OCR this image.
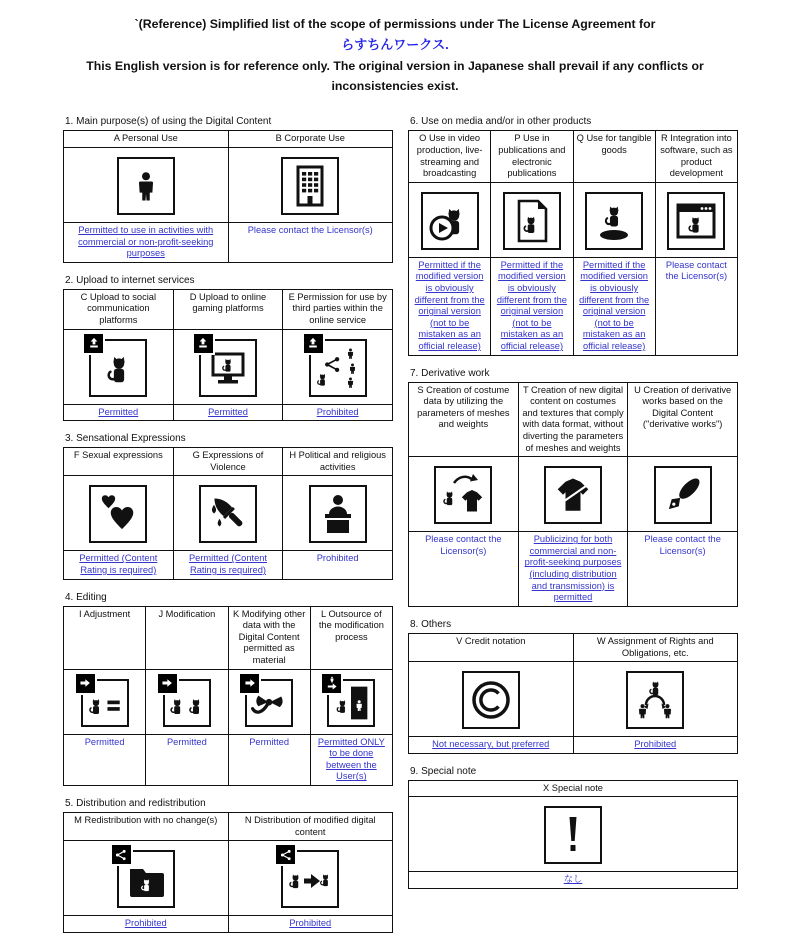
`(Reference) Simplified list of the scope of permissions under The License Agreement for
らすちんワークス.
This English version is for reference only. The original version in Japanese shall prevail if any conflicts or inconsistencies exist.
1. Main purpose(s) of using the Digital Content
A Personal Use	B Corporate Use

Permitted to use in activities with commercial or non-profit-seeking purposes	Please contact the Licensor(s)
2. Upload to internet services
C Upload to social communication platforms	D Upload to online gaming platforms	E Permission for use by third parties within the online service

Permitted	Permitted	Prohibited
3. Sensational Expressions
F Sexual expressions	G Expressions of Violence	H Political and religious activities

Permitted (Content Rating is required)	Permitted (Content Rating is required)	Prohibited
4. Editing
I Adjustment	J Modification	K Modifying other data with the Digital Content permitted as material	L Outsource of the modification process

Permitted	Permitted	Permitted	Permitted ONLY to be done between the User(s)
5. Distribution and redistribution
M Redistribution with no change(s)	N Distribution of modified digital content

Prohibited	Prohibited
6. Use on media and/or in other products
O Use in video production, live-streaming and broadcasting	P Use in publications and electronic publications	Q Use for tangible goods	R Integration into software, such as product development

Permitted if the modified version is obviously different from the original version (not to be mistaken as an official release)	Permitted if the modified version is obviously different from the original version (not to be mistaken as an official release)	Permitted if the modified version is obviously different from the original version (not to be mistaken as an official release)	Please contact the Licensor(s)
7. Derivative work
S Creation of costume data by utilizing the parameters of meshes and weights	T Creation of new digital content on costumes and textures that comply with data format, without diverting the parameters of meshes and weights	U Creation of derivative works based on the Digital Content ("derivative works")

Please contact the Licensor(s)	Publicizing for both commercial and non-profit-seeking purposes (including distribution and transmission) is permitted	Please contact the Licensor(s)
8. Others
V Credit notation	W Assignment of Rights and Obligations, etc.

Not necessary, but preferred	Prohibited
9. Special note
X Special note

なし
